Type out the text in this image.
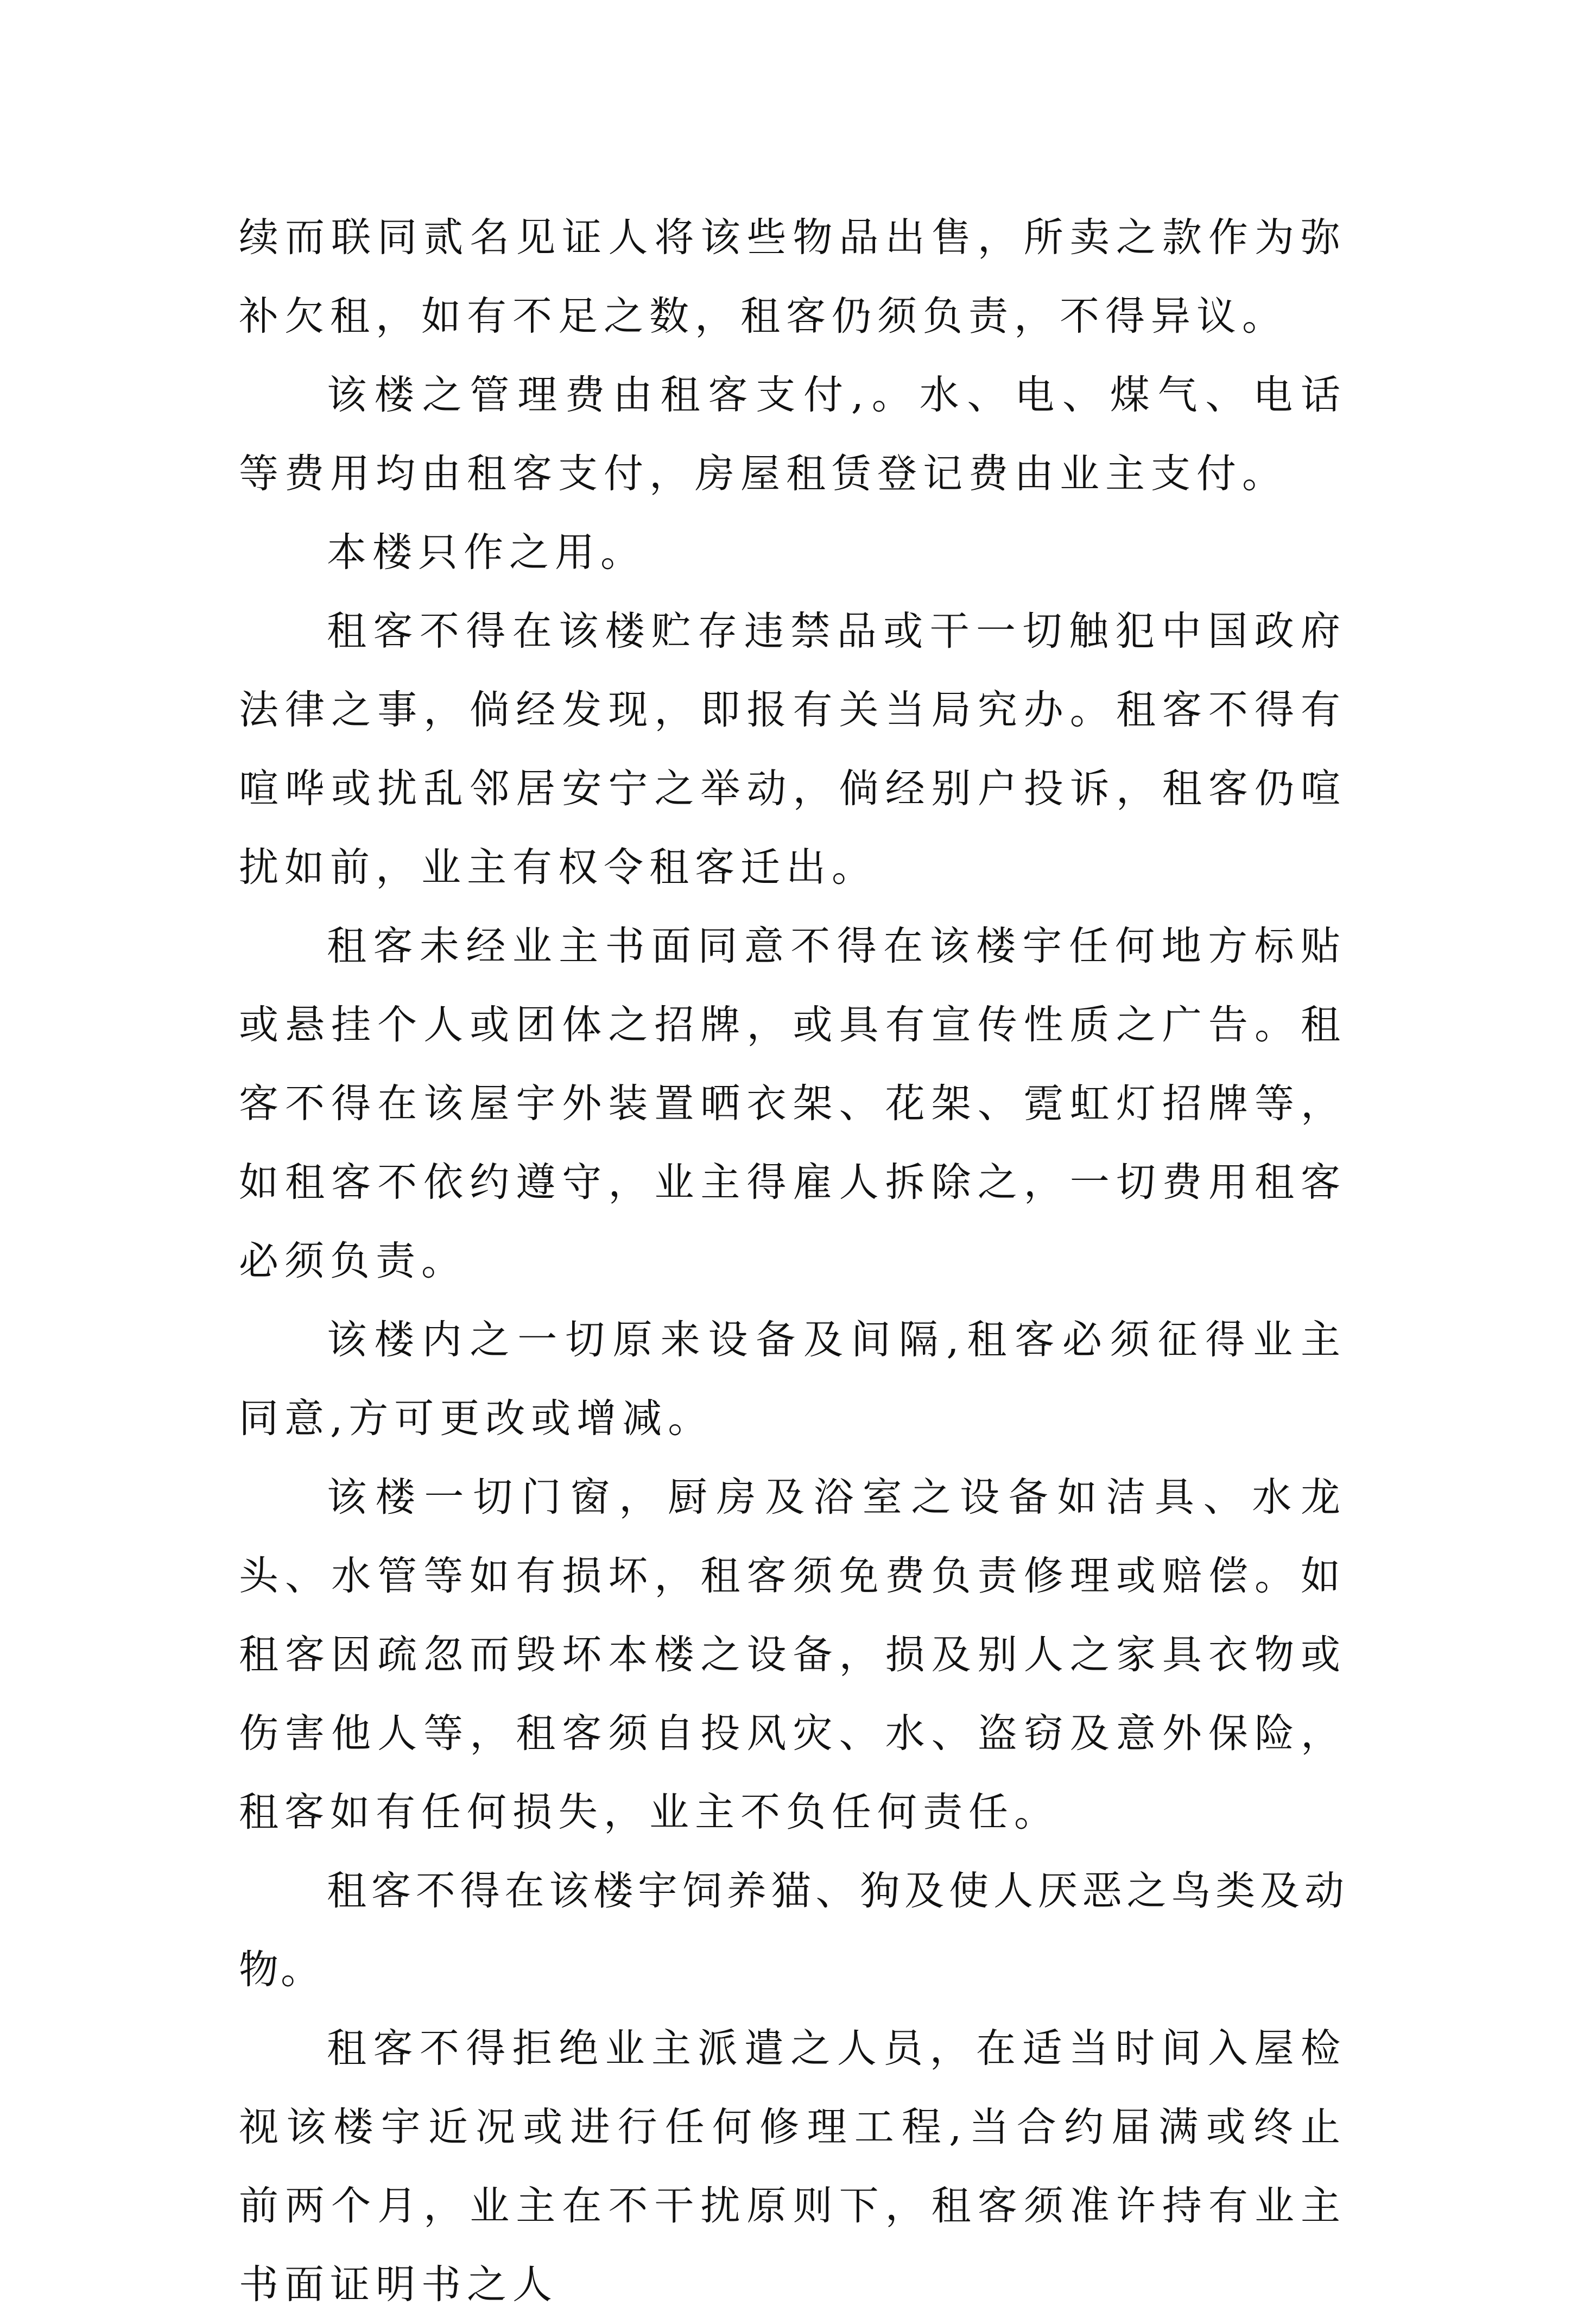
续而联同贰名见证人将该些物品出售，所卖之款作为弥补欠租，如有不足之数，租客仍须负责，不得异议。

该楼之管理费由租客支付,。水、电、煤气、电话等费用均由租客支付，房屋租赁登记费由业主支付。

本楼只作之用。

租客不得在该楼贮存违禁品或干一切触犯中国政府法律之事，倘经发现，即报有关当局究办。租客不得有喧哗或扰乱邻居安宁之举动，倘经别户投诉，租客仍喧扰如前，业主有权令租客迁出。

租客未经业主书面同意不得在该楼宇任何地方标贴或悬挂个人或团体之招牌，或具有宣传性质之广告。租客不得在该屋宇外装置晒衣架、花架、霓虹灯招牌等，如租客不依约遵守，业主得雇人拆除之，一切费用租客必须负责。

该楼内之一切原来设备及间隔,租客必须征得业主同意,方可更改或增减。

该楼一切门窗，厨房及浴室之设备如洁具、水龙头、水管等如有损坏，租客须免费负责修理或赔偿。如租客因疏忽而毁坏本楼之设备，损及别人之家具衣物或伤害他人等，租客须自投风灾、水、盗窃及意外保险，租客如有任何损失，业主不负任何责任。

租客不得在该楼宇饲养猫、狗及使人厌恶之鸟类及动物。

租客不得拒绝业主派遣之人员，在适当时间入屋检视该楼宇近况或进行任何修理工程,当合约届满或终止前两个月，业主在不干扰原则下，租客须准许持有业主书面证明书之人
